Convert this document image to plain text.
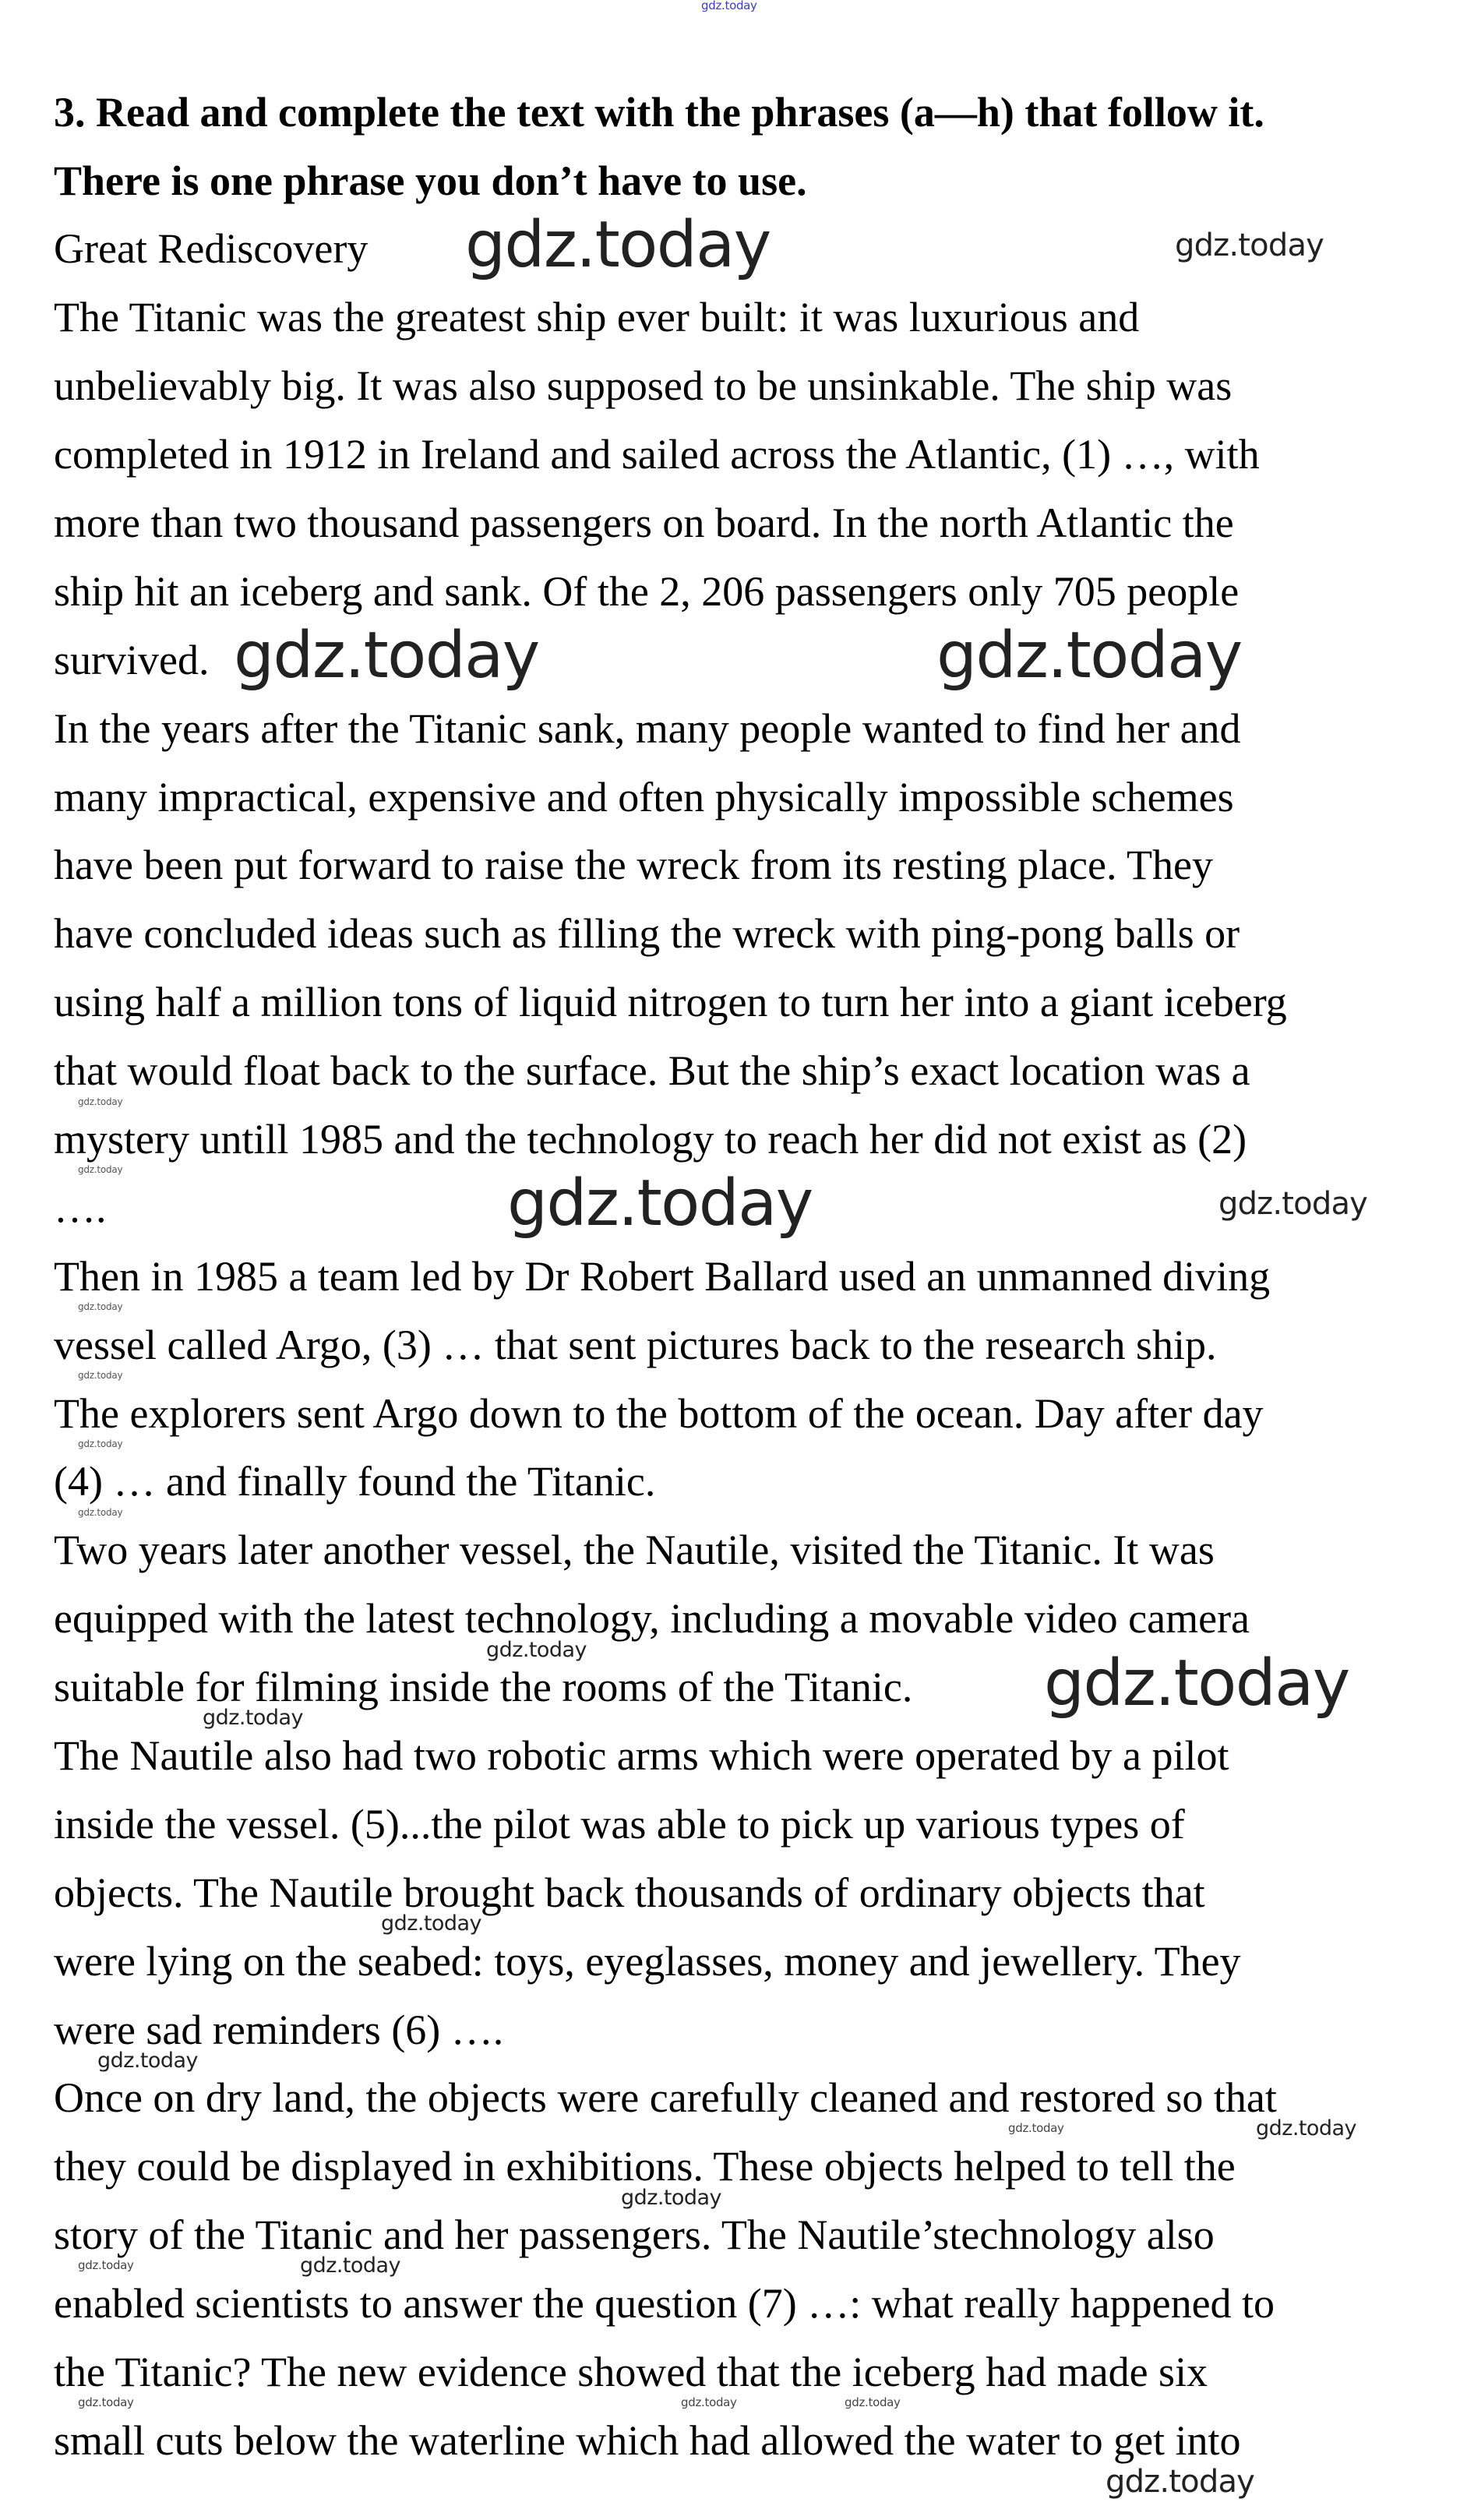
3. Read and complete the text with the phrases (a—h) that follow it.
There is one phrase you don’t have to use.
Great Rediscovery
The Titanic was the greatest ship ever built: it was luxurious and
unbelievably big. It was also supposed to be unsinkable. The ship was
completed in 1912 in Ireland and sailed across the Atlantic, (1) …, with
more than two thousand passengers on board. In the north Atlantic the
ship hit an iceberg and sank. Of the 2, 206 passengers only 705 people
survived.
In the years after the Titanic sank, many people wanted to find her and
many impractical, expensive and often physically impossible schemes
have been put forward to raise the wreck from its resting place. They
have concluded ideas such as filling the wreck with ping-pong balls or
using half a million tons of liquid nitrogen to turn her into a giant iceberg
that would float back to the surface. But the ship’s exact location was a
mystery untill 1985 and the technology to reach her did not exist as (2)
….
Then in 1985 a team led by Dr Robert Ballard used an unmanned diving
vessel called Argo, (3) … that sent pictures back to the research ship.
The explorers sent Argo down to the bottom of the ocean. Day after day
(4) … and finally found the Titanic.
Two years later another vessel, the Nautile, visited the Titanic. It was
equipped with the latest technology, including a movable video camera
suitable for filming inside the rooms of the Titanic.
The Nautile also had two robotic arms which were operated by a pilot
inside the vessel. (5)...the pilot was able to pick up various types of
objects. The Nautile brought back thousands of ordinary objects that
were lying on the seabed: toys, eyeglasses, money and jewellery. They
were sad reminders (6) ….
Once on dry land, the objects were carefully cleaned and restored so that
they could be displayed in exhibitions. These objects helped to tell the
story of the Titanic and her passengers. The Nautile’stechnology also
enabled scientists to answer the question (7) …: what really happened to
the Titanic? The new evidence showed that the iceberg had made six
small cuts below the waterline which had allowed the water to get into
gdz.today
gdz.today	gdz.today
gdz.today	gdz.today
gdz.today
gdz.today
gdz.today
gdz.today
gdz.today
gdz.today
gdz.today
gdz.today
gdz.today
gdz.today
gdz.today
gdz.today
gdz.today
gdz.today	gdz.today
gdz.today
gdz.today	gdz.today
gdz.today
gdz.today	gdz.today	gdz.today
